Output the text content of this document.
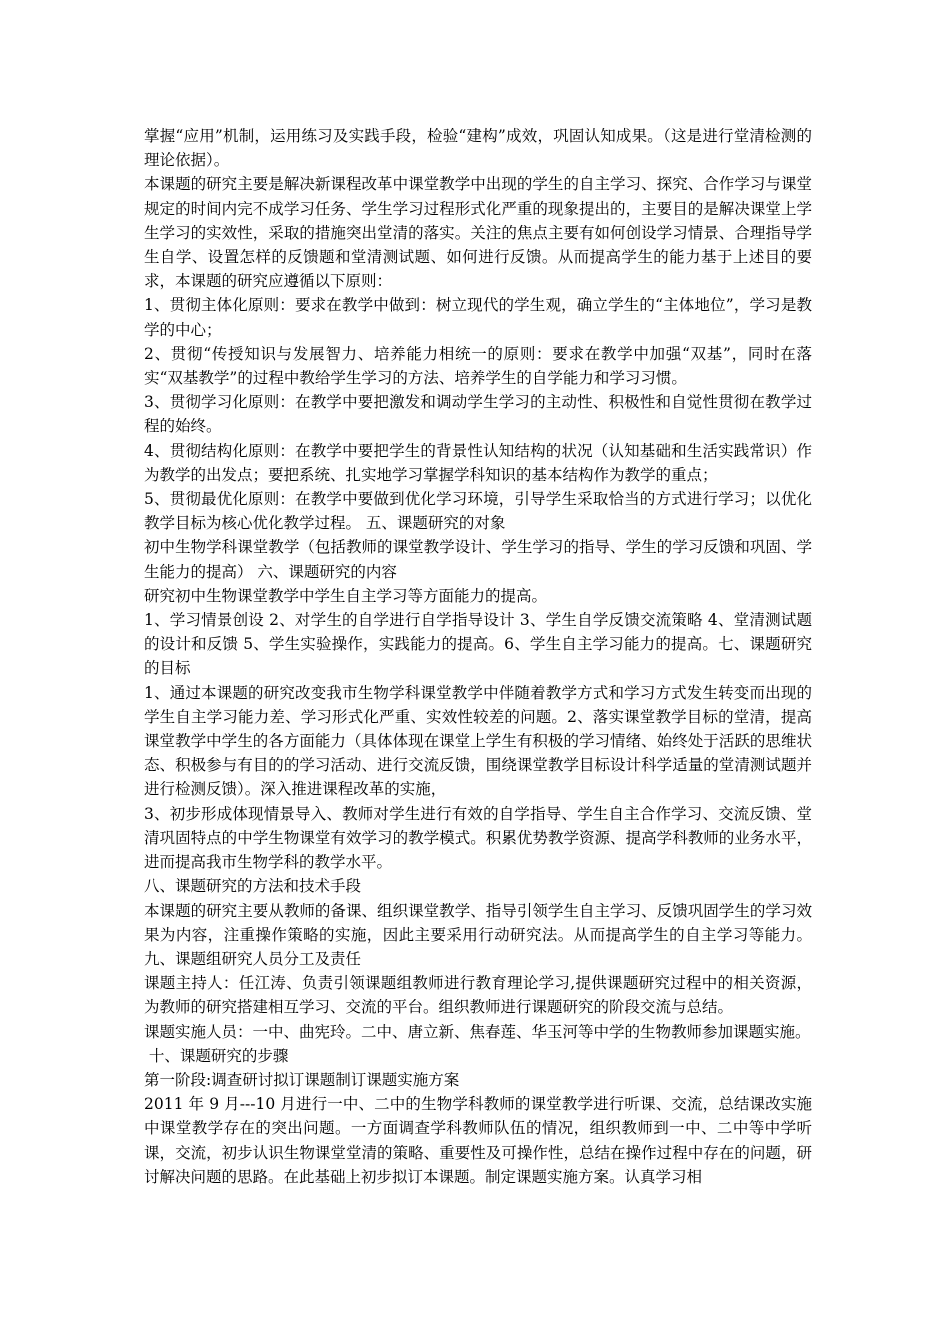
掌握“应用”机制，运用练习及实践手段，检验“建构”成效，巩固认知成果。（这是进行堂清检测的理论依据）。

本课题的研究主要是解决新课程改革中课堂教学中出现的学生的自主学习、探究、合作学习与课堂规定的时间内完不成学习任务、学生学习过程形式化严重的现象提出的，主要目的是解决课堂上学生学习的实效性，采取的措施突出堂清的落实。关注的焦点主要有如何创设学习情景、合理指导学生自学、设置怎样的反馈题和堂清测试题、如何进行反馈。从而提高学生的能力基于上述目的要求，本课题的研究应遵循以下原则：

1、贯彻主体化原则：要求在教学中做到：树立现代的学生观，确立学生的“主体地位”，学习是教学的中心；

2、贯彻“传授知识与发展智力、培养能力相统一的原则：要求在教学中加强“双基”，同时在落实“双基教学”的过程中教给学生学习的方法、培养学生的自学能力和学习习惯。

3、贯彻学习化原则：在教学中要把激发和调动学生学习的主动性、积极性和自觉性贯彻在教学过程的始终。

4、贯彻结构化原则：在教学中要把学生的背景性认知结构的状况（认知基础和生活实践常识）作为教学的出发点；要把系统、扎实地学习掌握学科知识的基本结构作为教学的重点；

5、贯彻最优化原则：在教学中要做到优化学习环境，引导学生采取恰当的方式进行学习；以优化教学目标为核心优化教学过程。 五、课题研究的对象

初中生物学科课堂教学（包括教师的课堂教学设计、学生学习的指导、学生的学习反馈和巩固、学生能力的提高） 六、课题研究的内容

研究初中生物课堂教学中学生自主学习等方面能力的提高。

1、学习情景创设 2、对学生的自学进行自学指导设计 3、学生自学反馈交流策略 4、堂清测试题的设计和反馈 5、学生实验操作，实践能力的提高。6、学生自主学习能力的提高。七、课题研究的目标

1、通过本课题的研究改变我市生物学科课堂教学中伴随着教学方式和学习方式发生转变而出现的学生自主学习能力差、学习形式化严重、实效性较差的问题。2、落实课堂教学目标的堂清，提高课堂教学中学生的各方面能力（具体体现在课堂上学生有积极的学习情绪、始终处于活跃的思维状态、积极参与有目的的学习活动、进行交流反馈，围绕课堂教学目标设计科学适量的堂清测试题并进行检测反馈）。深入推进课程改革的实施，

3、初步形成体现情景导入、教师对学生进行有效的自学指导、学生自主合作学习、交流反馈、堂清巩固特点的中学生物课堂有效学习的教学模式。积累优势教学资源、提高学科教师的业务水平，进而提高我市生物学科的教学水平。

八、课题研究的方法和技术手段

本课题的研究主要从教师的备课、组织课堂教学、指导引领学生自主学习、反馈巩固学生的学习效果为内容，注重操作策略的实施，因此主要采用行动研究法。从而提高学生的自主学习等能力。 九、课题组研究人员分工及责任

课题主持人：任江涛、负责引领课题组教师进行教育理论学习,提供课题研究过程中的相关资源，为教师的研究搭建相互学习、交流的平台。组织教师进行课题研究的阶段交流与总结。

课题实施人员：一中、曲宪玲。二中、唐立新、焦春莲、华玉河等中学的生物教师参加课题实施。

十、课题研究的步骤

第一阶段:调查研讨拟订课题制订课题实施方案

2011 年 9 月---10 月进行一中、二中的生物学科教师的课堂教学进行听课、交流，总结课改实施中课堂教学存在的突出问题。一方面调查学科教师队伍的情况，组织教师到一中、二中等中学听课，交流，初步认识生物课堂堂清的策略、重要性及可操作性，总结在操作过程中存在的问题，研讨解决问题的思路。在此基础上初步拟订本课题。制定课题实施方案。认真学习相
